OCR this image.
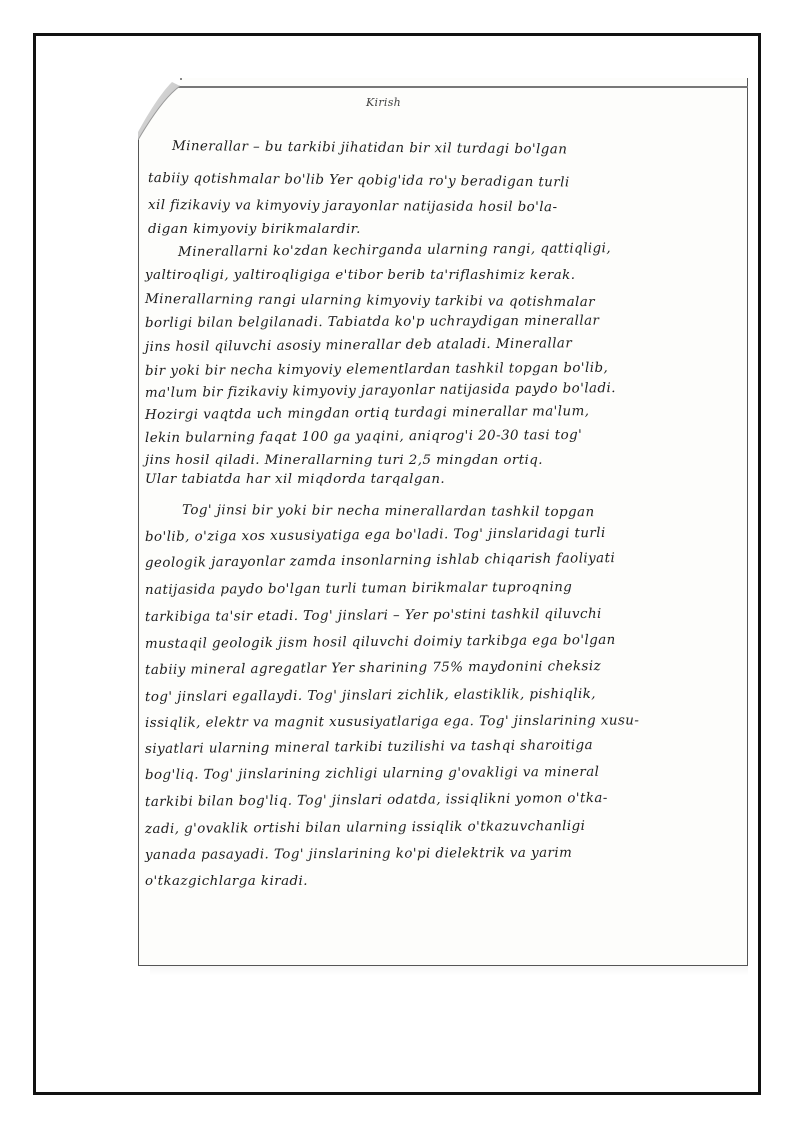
Kirish
Minerallar – bu tarkibi jihatidan bir xil turdagi bo'lgan
tabiiy qotishmalar bo'lib Yer qobig'ida ro'y beradigan turli
xil fizikaviy va kimyoviy jarayonlar natijasida hosil bo'la-
digan kimyoviy birikmalardir.
Minerallarni ko'zdan kechirganda ularning rangi, qattiqligi,
yaltiroqligi, yaltiroqligiga e'tibor berib ta'riflashimiz kerak.
Minerallarning rangi ularning kimyoviy tarkibi va qotishmalar
borligi bilan belgilanadi. Tabiatda ko'p uchraydigan minerallar
jins hosil qiluvchi asosiy minerallar deb ataladi. Minerallar
bir yoki bir necha kimyoviy elementlardan tashkil topgan bo'lib,
ma'lum bir fizikaviy kimyoviy jarayonlar natijasida paydo bo'ladi.
Hozirgi vaqtda uch mingdan ortiq turdagi minerallar ma'lum,
lekin bularning faqat 100 ga yaqini, aniqrog'i 20-30 tasi tog'
jins hosil qiladi. Minerallarning turi 2,5 mingdan ortiq.
Ular tabiatda har xil miqdorda tarqalgan.
Tog' jinsi bir yoki bir necha minerallardan tashkil topgan
bo'lib, o'ziga xos xususiyatiga ega bo'ladi. Tog' jinslaridagi turli
geologik jarayonlar zamda insonlarning ishlab chiqarish faoliyati
natijasida paydo bo'lgan turli tuman birikmalar tuproqning
tarkibiga ta'sir etadi. Tog' jinslari – Yer po'stini tashkil qiluvchi
mustaqil geologik jism hosil qiluvchi doimiy tarkibga ega bo'lgan
tabiiy mineral agregatlar Yer sharining 75% maydonini cheksiz
tog' jinslari egallaydi. Tog' jinslari zichlik, elastiklik, pishiqlik,
issiqlik, elektr va magnit xususiyatlariga ega. Tog' jinslarining xusu-
siyatlari ularning mineral tarkibi tuzilishi va tashqi sharoitiga
bog'liq. Tog' jinslarining zichligi ularning g'ovakligi va mineral
tarkibi bilan bog'liq. Tog' jinslari odatda, issiqlikni yomon o'tka-
zadi, g'ovaklik ortishi bilan ularning issiqlik o'tkazuvchanligi
yanada pasayadi. Tog' jinslarining ko'pi dielektrik va yarim
o'tkazgichlarga kiradi.
